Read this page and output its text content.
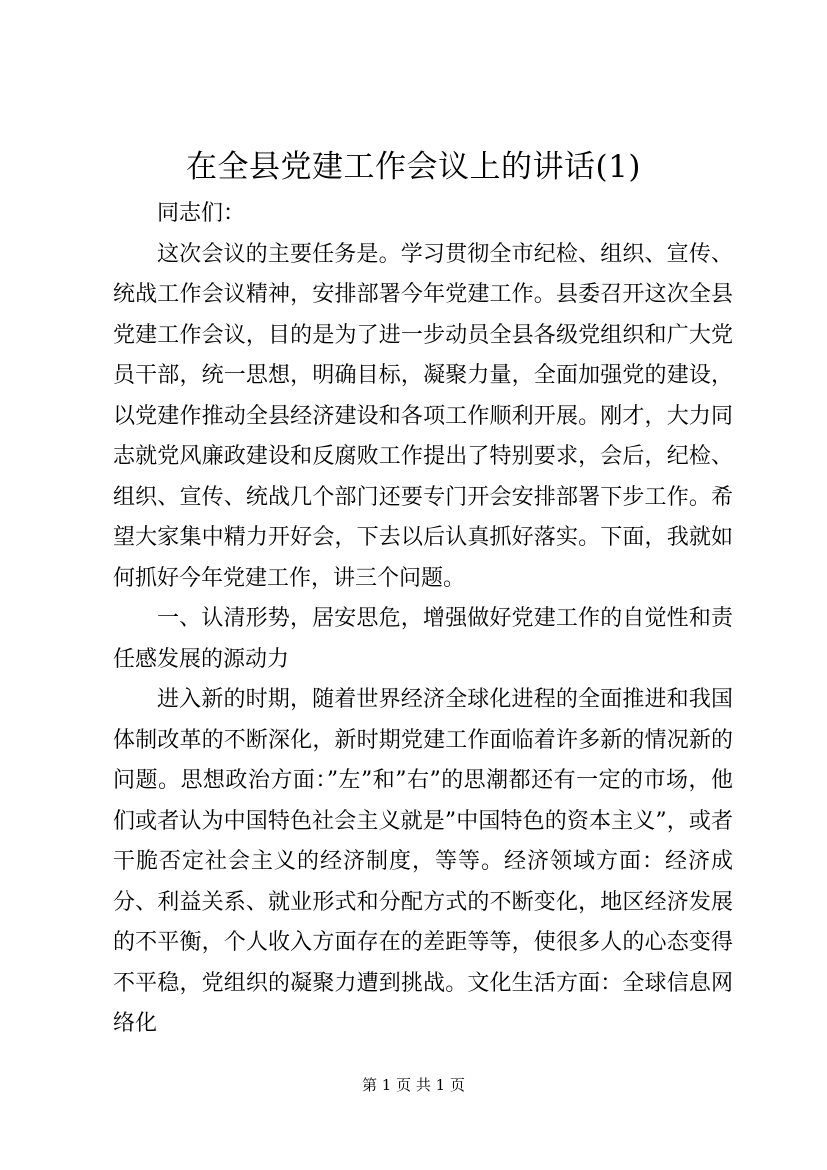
在全县党建工作会议上的讲话(1)

同志们：

这次会议的主要任务是。学习贯彻全市纪检、组织、宣传、统战工作会议精神，安排部署今年党建工作。县委召开这次全县党建工作会议，目的是为了进一步动员全县各级党组织和广大党员干部，统一思想，明确目标，凝聚力量，全面加强党的建设，以党建作推动全县经济建设和各项工作顺利开展。刚才，大力同志就党风廉政建设和反腐败工作提出了特别要求，会后，纪检、组织、宣传、统战几个部门还要专门开会安排部署下步工作。希望大家集中精力开好会，下去以后认真抓好落实。下面，我就如何抓好今年党建工作，讲三个问题。

一、认清形势，居安思危，增强做好党建工作的自觉性和责任感发展的源动力

进入新的时期，随着世界经济全球化进程的全面推进和我国体制改革的不断深化，新时期党建工作面临着许多新的情况新的问题。思想政治方面：”左”和”右”的思潮都还有一定的市场，他们或者认为中国特色社会主义就是”中国特色的资本主义”，或者干脆否定社会主义的经济制度，等等。经济领域方面：经济成分、利益关系、就业形式和分配方式的不断变化，地区经济发展的不平衡，个人收入方面存在的差距等等，使很多人的心态变得不平稳，党组织的凝聚力遭到挑战。文化生活方面：全球信息网络化

第 1 页 共 1 页
